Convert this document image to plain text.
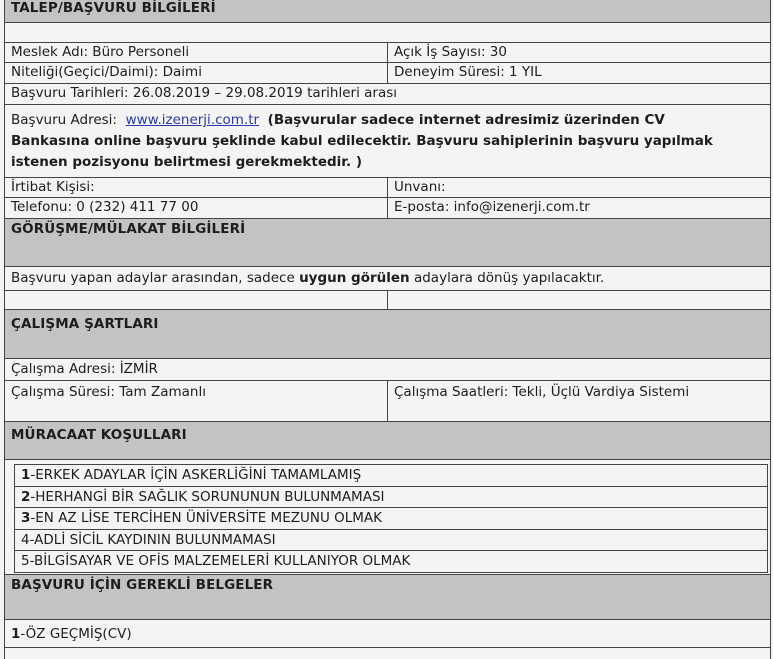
TALEP/BAŞVURU BİLGİLERİ
Meslek Adı: Büro Personeli	Açık İş Sayısı: 30
Niteliği(Geçici/Daimi): Daimi	Deneyim Süresi: 1 YIL
Başvuru Tarihleri: 26.08.2019 – 29.08.2019 tarihleri arası
Başvuru Adresi: www.izenerji.com.tr (Başvurular sadece internet adresimiz üzerinden CV
Bankasına online başvuru şeklinde kabul edilecektir. Başvuru sahiplerinin başvuru yapılmak
istenen pozisyonu belirtmesi gerekmektedir. )
İrtibat Kişisi:	Unvanı:
Telefonu: 0 (232) 411 77 00	E-posta: info@izenerji.com.tr
GÖRÜŞME/MÜLAKAT BİLGİLERİ
Başvuru yapan adaylar arasından, sadece uygun görülen adaylara dönüş yapılacaktır.
ÇALIŞMA ŞARTLARI
Çalışma Adresi: İZMİR
Çalışma Süresi: Tam Zamanlı	Çalışma Saatleri: Tekli, Üçlü Vardiya Sistemi
MÜRACAAT KOŞULLARI
1-ERKEK ADAYLAR İÇİN ASKERLİĞİNİ TAMAMLAMIŞ
2-HERHANGİ BİR SAĞLIK SORUNUNUN BULUNMAMASI
3-EN AZ LİSE TERCİHEN ÜNİVERSİTE MEZUNU OLMAK
4-ADLİ SİCİL KAYDININ BULUNMAMASI
5-BİLGİSAYAR VE OFİS MALZEMELERİ KULLANIYOR OLMAK
BAŞVURU İÇİN GEREKLİ BELGELER
1-ÖZ GEÇMİŞ(CV)
